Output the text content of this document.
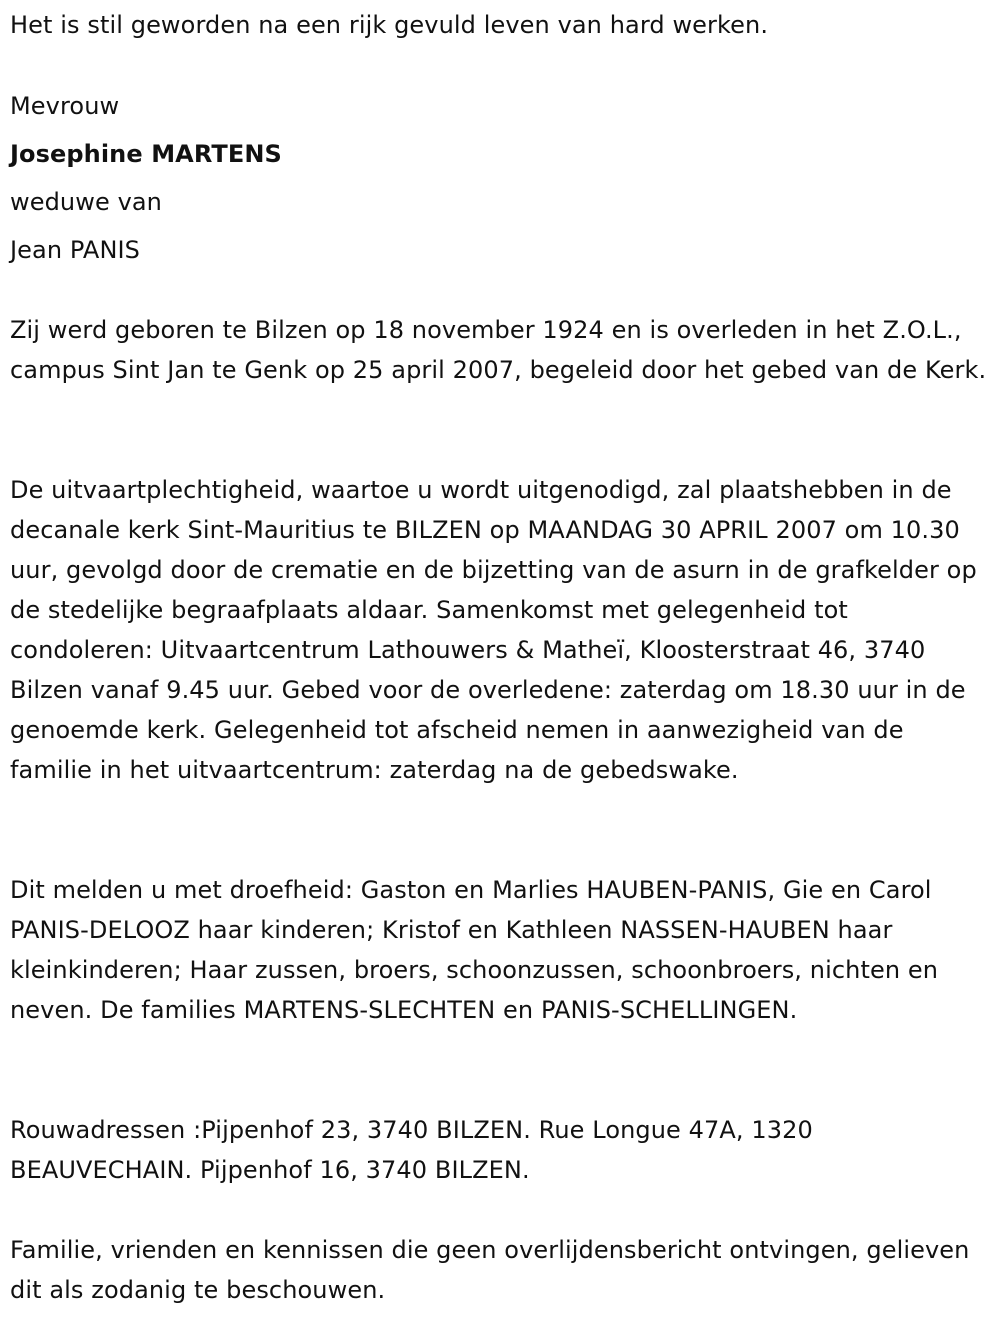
Het is stil geworden na een rijk gevuld leven van hard werken.
Mevrouw
Josephine MARTENS
weduwe van
Jean PANIS
Zij werd geboren te Bilzen op 18 november 1924 en is overleden in het Z.O.L., campus Sint Jan te Genk op 25 april 2007, begeleid door het gebed van de Kerk.
De uitvaartplechtigheid, waartoe u wordt uitgenodigd, zal plaatshebben in de decanale kerk Sint-Mauritius te BILZEN op MAANDAG 30 APRIL 2007 om 10.30 uur, gevolgd door de crematie en de bijzetting van de asurn in de grafkelder op de stedelijke begraafplaats aldaar. Samenkomst met gelegenheid tot condoleren: Uitvaartcentrum Lathouwers & Matheï, Kloosterstraat 46, 3740 Bilzen vanaf 9.45 uur. Gebed voor de overledene: zaterdag om 18.30 uur in de genoemde kerk. Gelegenheid tot afscheid nemen in aanwezigheid van de familie in het uitvaartcentrum: zaterdag na de gebedswake.
Dit melden u met droefheid: Gaston en Marlies HAUBEN-PANIS, Gie en Carol PANIS-DELOOZ haar kinderen; Kristof en Kathleen NASSEN-HAUBEN haar kleinkinderen; Haar zussen, broers, schoonzussen, schoonbroers, nichten en neven. De families MARTENS-SLECHTEN en PANIS-SCHELLINGEN.
Rouwadressen :Pijpenhof 23, 3740 BILZEN. Rue Longue 47A, 1320 BEAUVECHAIN. Pijpenhof 16, 3740 BILZEN.
Familie, vrienden en kennissen die geen overlijdensbericht ontvingen, gelieven dit als zodanig te beschouwen.
